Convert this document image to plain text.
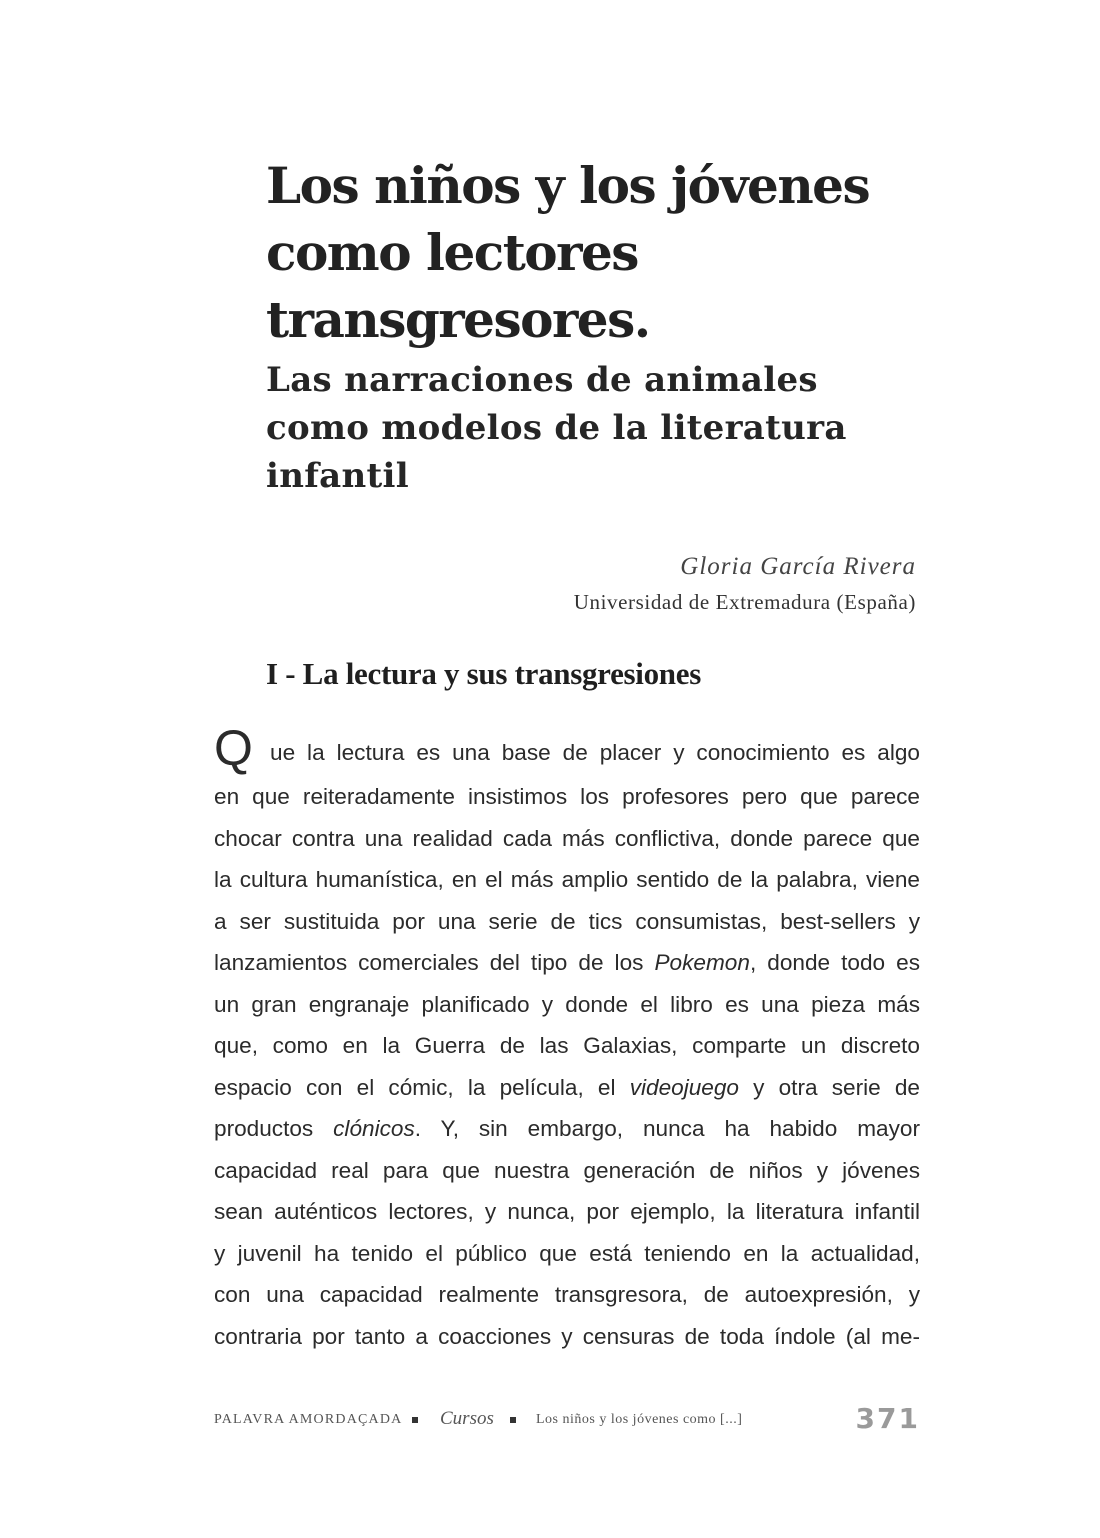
Los niños y los jóvenes
como lectores
transgresores.
Las narraciones de animales
como modelos de la literatura
infantil
Gloria García Rivera
Universidad de Extremadura (España)
I - La lectura y sus transgresiones
Q ue la lectura es una base de placer y conocimiento es algo
en que reiteradamente insistimos los profesores pero que parece
chocar contra una realidad cada más conflictiva, donde parece que
la cultura humanística, en el más amplio sentido de la palabra, viene
a ser sustituida por una serie de tics consumistas, best-sellers y
lanzamientos comerciales del tipo de los Pokemon, donde todo es
un gran engranaje planificado y donde el libro es una pieza más
que, como en la Guerra de las Galaxias, comparte un discreto
espacio con el cómic, la película, el videojuego y otra serie de
productos clónicos. Y, sin embargo, nunca ha habido mayor
capacidad real para que nuestra generación de niños y jóvenes
sean auténticos lectores, y nunca, por ejemplo, la literatura infantil
y juvenil ha tenido el público que está teniendo en la actualidad,
con una capacidad realmente transgresora, de autoexpresión, y
contraria por tanto a coacciones y censuras de toda índole (al me-
PALAVRA AMORDAÇADA Cursos	Los niños y los jóvenes como [...]	371
